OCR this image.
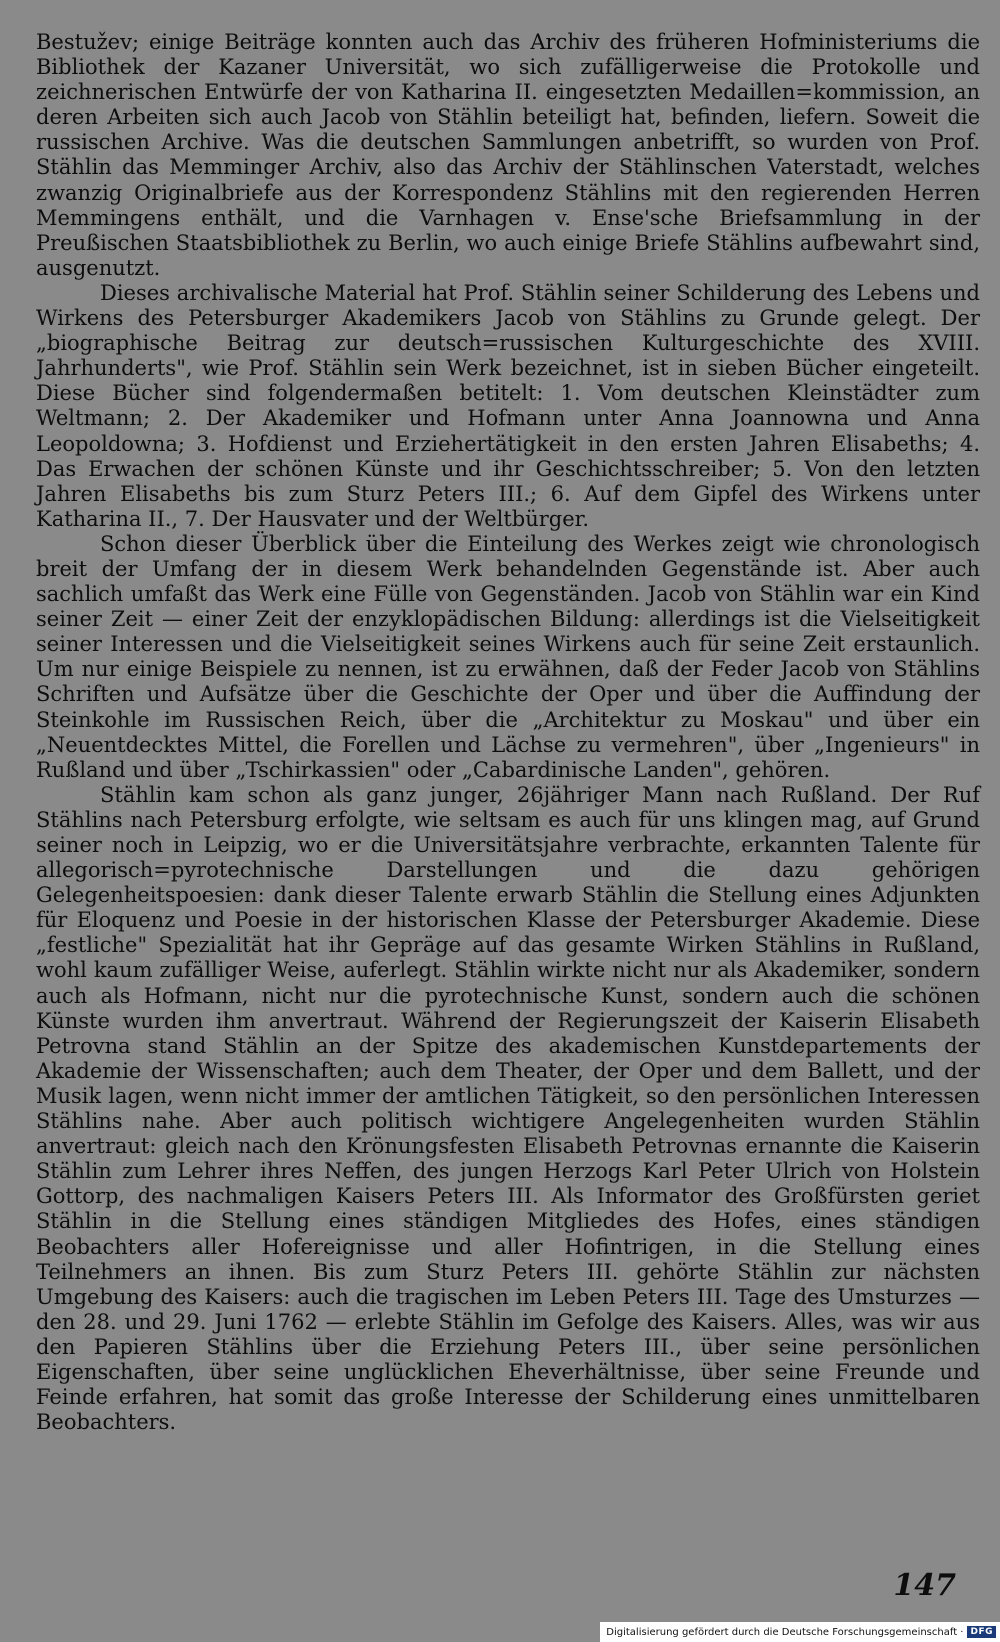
Bestužev; einige Beiträge konnten auch das Archiv des früheren Hofministeriums die Bibliothek der Kazaner Universität, wo sich zufälligerweise die Protokolle und zeichnerischen Entwürfe der von Katharina II. eingesetzten Medaillen=kommission, an deren Arbeiten sich auch Jacob von Stählin beteiligt hat, befinden, liefern. Soweit die russischen Archive. Was die deutschen Sammlungen anbetrifft, so wurden von Prof. Stählin das Memminger Archiv, also das Archiv der Stählinschen Vaterstadt, welches zwanzig Originalbriefe aus der Korrespondenz Stählins mit den regierenden Herren Memmingens enthält, und die Varnhagen v. Ense'sche Briefsammlung in der Preußischen Staatsbibliothek zu Berlin, wo auch einige Briefe Stählins aufbewahrt sind, ausgenutzt.

Dieses archivalische Material hat Prof. Stählin seiner Schilderung des Lebens und Wirkens des Petersburger Akademikers Jacob von Stählins zu Grunde gelegt. Der „biographische Beitrag zur deutsch=russischen Kulturgeschichte des XVIII. Jahrhunderts", wie Prof. Stählin sein Werk bezeichnet, ist in sieben Bücher eingeteilt. Diese Bücher sind folgendermaßen betitelt: 1. Vom deutschen Kleinstädter zum Weltmann; 2. Der Akademiker und Hofmann unter Anna Joannowna und Anna Leopoldowna; 3. Hofdienst und Erziehertätigkeit in den ersten Jahren Elisabeths; 4. Das Erwachen der schönen Künste und ihr Geschichtsschreiber; 5. Von den letzten Jahren Elisabeths bis zum Sturz Peters III.; 6. Auf dem Gipfel des Wirkens unter Katharina II., 7. Der Hausvater und der Weltbürger.

Schon dieser Überblick über die Einteilung des Werkes zeigt wie chronologisch breit der Umfang der in diesem Werk behandelnden Gegenstände ist. Aber auch sachlich umfaßt das Werk eine Fülle von Gegenständen. Jacob von Stählin war ein Kind seiner Zeit — einer Zeit der enzyklopädischen Bildung: allerdings ist die Vielseitigkeit seiner Interessen und die Vielseitigkeit seines Wirkens auch für seine Zeit erstaunlich. Um nur einige Beispiele zu nennen, ist zu erwähnen, daß der Feder Jacob von Stählins Schriften und Aufsätze über die Geschichte der Oper und über die Auffindung der Steinkohle im Russischen Reich, über die „Architektur zu Moskau" und über ein „Neuentdecktes Mittel, die Forellen und Lächse zu vermehren", über „Ingenieurs" in Rußland und über „Tschirkassien" oder „Cabardinische Landen", gehören.

Stählin kam schon als ganz junger, 26jähriger Mann nach Rußland. Der Ruf Stählins nach Petersburg erfolgte, wie seltsam es auch für uns klingen mag, auf Grund seiner noch in Leipzig, wo er die Universitätsjahre verbrachte, erkannten Talente für allegorisch=pyrotechnische Darstellungen und die dazu gehörigen Gelegenheitspoesien: dank dieser Talente erwarb Stählin die Stellung eines Adjunkten für Eloquenz und Poesie in der historischen Klasse der Petersburger Akademie. Diese „festliche" Spezialität hat ihr Gepräge auf das gesamte Wirken Stählins in Rußland, wohl kaum zufälliger Weise, auferlegt. Stählin wirkte nicht nur als Akademiker, sondern auch als Hofmann, nicht nur die pyrotechnische Kunst, sondern auch die schönen Künste wurden ihm anvertraut. Während der Regierungszeit der Kaiserin Elisabeth Petrovna stand Stählin an der Spitze des akademischen Kunstdepartements der Akademie der Wissenschaften; auch dem Theater, der Oper und dem Ballett, und der Musik lagen, wenn nicht immer der amtlichen Tätigkeit, so den persönlichen Interessen Stählins nahe. Aber auch politisch wichtigere Angelegenheiten wurden Stählin anvertraut: gleich nach den Krönungsfesten Elisabeth Petrovnas ernannte die Kaiserin Stählin zum Lehrer ihres Neffen, des jungen Herzogs Karl Peter Ulrich von Holstein Gottorp, des nachmaligen Kaisers Peters III. Als Informator des Großfürsten geriet Stählin in die Stellung eines ständigen Mitgliedes des Hofes, eines ständigen Beobachters aller Hofereignisse und aller Hofintrigen, in die Stellung eines Teilnehmers an ihnen. Bis zum Sturz Peters III. gehörte Stählin zur nächsten Umgebung des Kaisers: auch die tragischen im Leben Peters III. Tage des Umsturzes — den 28. und 29. Juni 1762 — erlebte Stählin im Gefolge des Kaisers. Alles, was wir aus den Papieren Stählins über die Erziehung Peters III., über seine persönlichen Eigenschaften, über seine unglücklichen Eheverhältnisse, über seine Freunde und Feinde erfahren, hat somit das große Interesse der Schilderung eines unmittelbaren Beobachters.

147
Digitalisierung gefördert durch die Deutsche Forschungsgemeinschaft · DFG
